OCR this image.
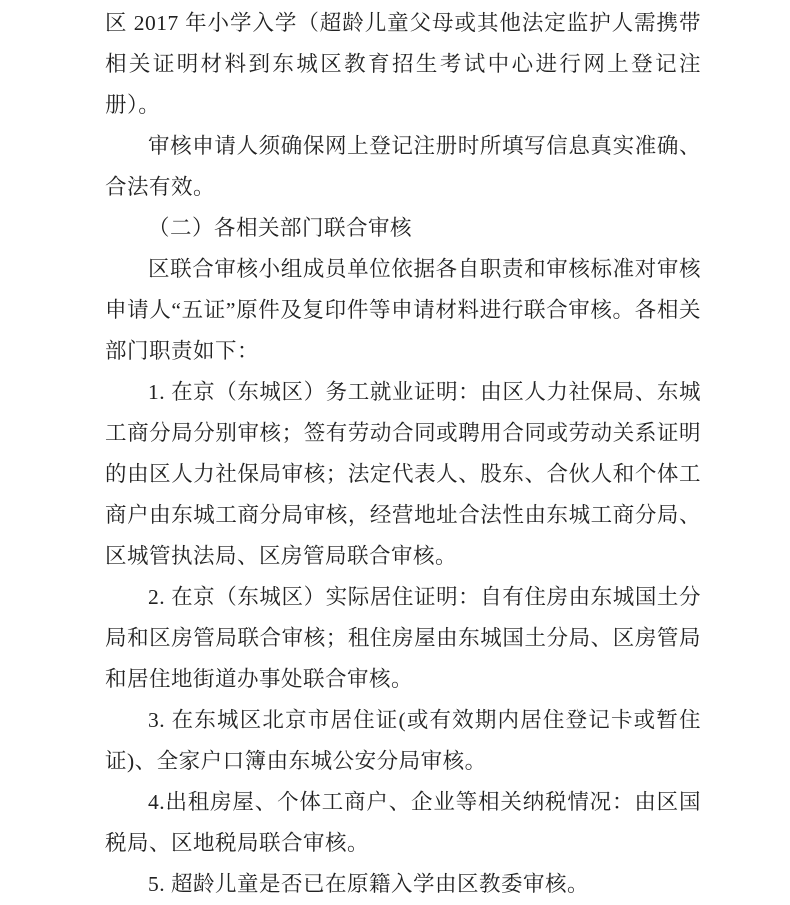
区 2017 年小学入学（超龄儿童父母或其他法定监护人需携带相关证明材料到东城区教育招生考试中心进行网上登记注册）。

审核申请人须确保网上登记注册时所填写信息真实准确、合法有效。

（二）各相关部门联合审核

区联合审核小组成员单位依据各自职责和审核标准对审核申请人“五证”原件及复印件等申请材料进行联合审核。各相关部门职责如下：

1. 在京（东城区）务工就业证明：由区人力社保局、东城工商分局分别审核；签有劳动合同或聘用合同或劳动关系证明的由区人力社保局审核；法定代表人、股东、合伙人和个体工商户由东城工商分局审核，经营地址合法性由东城工商分局、区城管执法局、区房管局联合审核。

2. 在京（东城区）实际居住证明：自有住房由东城国土分局和区房管局联合审核；租住房屋由东城国土分局、区房管局和居住地街道办事处联合审核。

3. 在东城区北京市居住证(或有效期内居住登记卡或暂住证)、全家户口簿由东城公安分局审核。

4.出租房屋、个体工商户、企业等相关纳税情况：由区国税局、区地税局联合审核。

5. 超龄儿童是否已在原籍入学由区教委审核。
